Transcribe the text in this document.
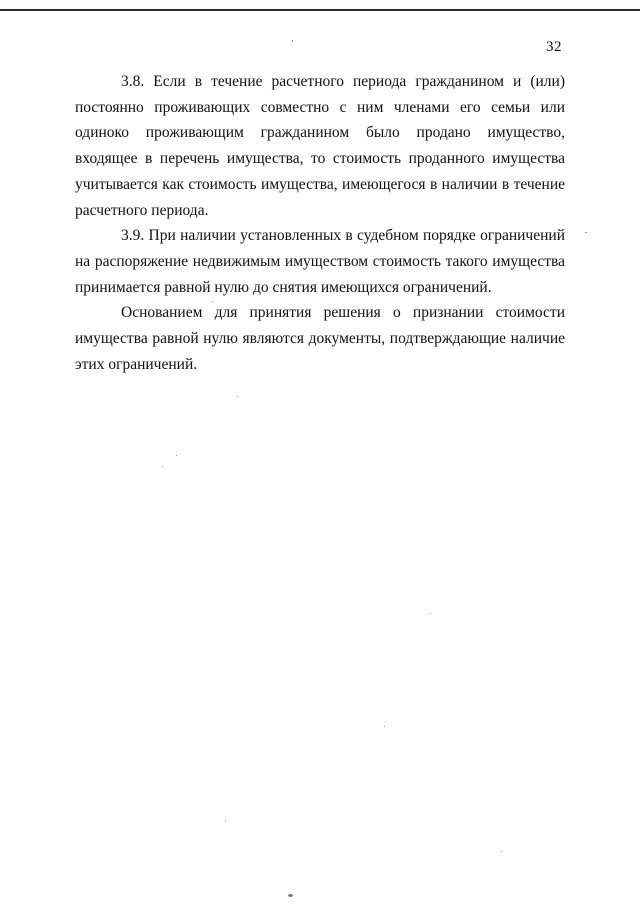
32

3.8. Если в течение расчетного периода гражданином и (или) постоянно проживающих совместно с ним членами его семьи или одиноко проживающим гражданином было продано имущество, входящее в перечень имущества, то стоимость проданного имущества учитывается как стоимость имущества, имеющегося в наличии в течение расчетного периода.

3.9. При наличии установленных в судебном порядке ограничений на распоряжение недвижимым имуществом стоимость такого имущества принимается равной нулю до снятия имеющихся ограничений.

Основанием для принятия решения о признании стоимости имущества равной нулю являются документы, подтверждающие наличие этих ограничений.
